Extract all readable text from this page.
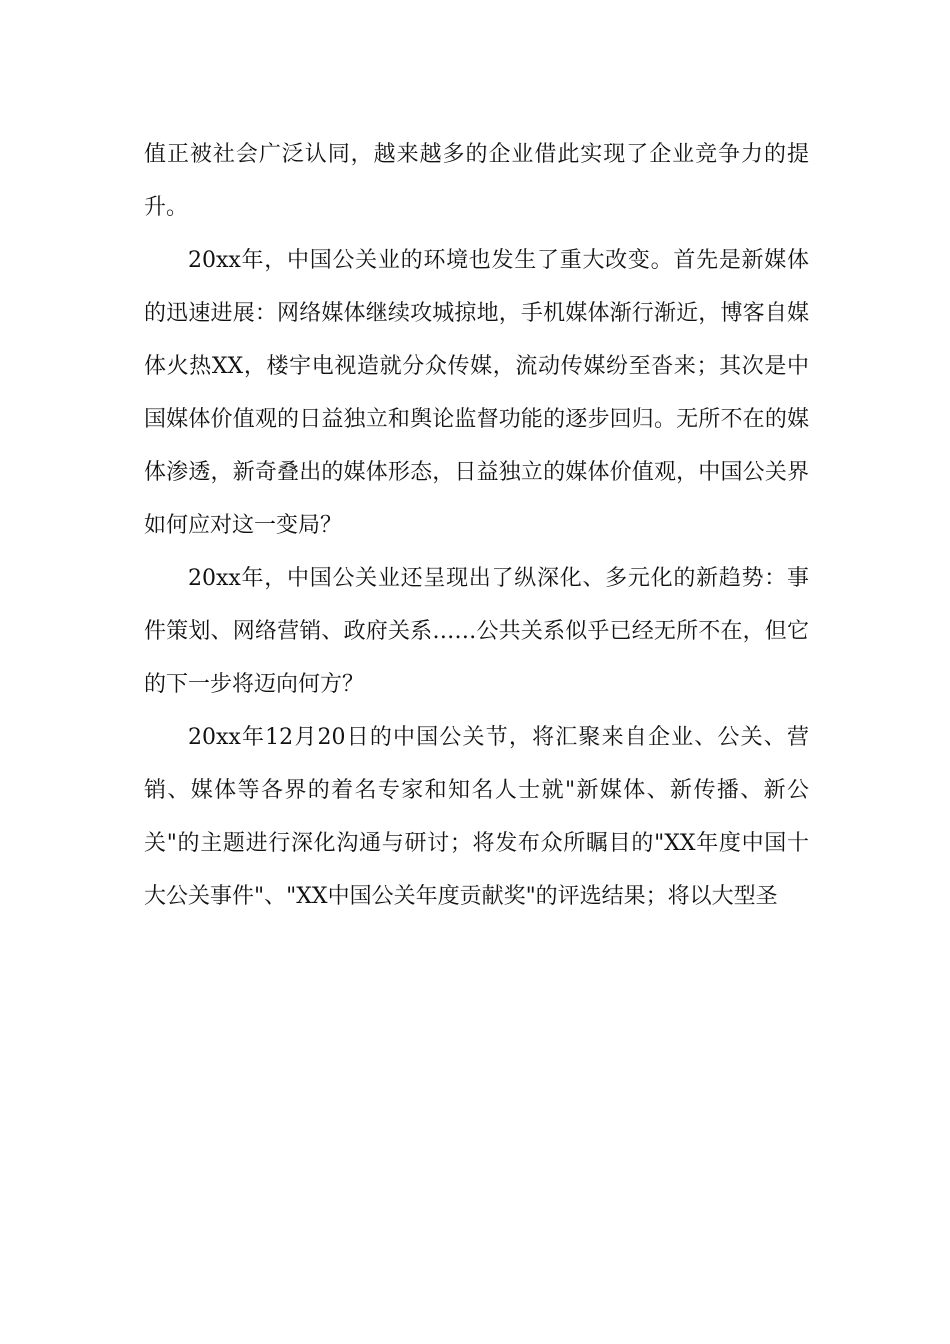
值正被社会广泛认同，越来越多的企业借此实现了企业竞争力的提升。

20xx年，中国公关业的环境也发生了重大改变。首先是新媒体的迅速进展：网络媒体继续攻城掠地，手机媒体渐行渐近，博客自媒体火热XX，楼宇电视造就分众传媒，流动传媒纷至沓来；其次是中国媒体价值观的日益独立和舆论监督功能的逐步回归。无所不在的媒体渗透，新奇叠出的媒体形态，日益独立的媒体价值观，中国公关界如何应对这一变局？

20xx年，中国公关业还呈现出了纵深化、多元化的新趋势：事件策划、网络营销、政府关系……公共关系似乎已经无所不在，但它的下一步将迈向何方？

20xx年12月20日的中国公关节，将汇聚来自企业、公关、营销、媒体等各界的着名专家和知名人士就"新媒体、新传播、新公关"的主题进行深化沟通与研讨；将发布众所瞩目的"XX年度中国十大公关事件"、"XX中国公关年度贡献奖"的评选结果；将以大型圣
